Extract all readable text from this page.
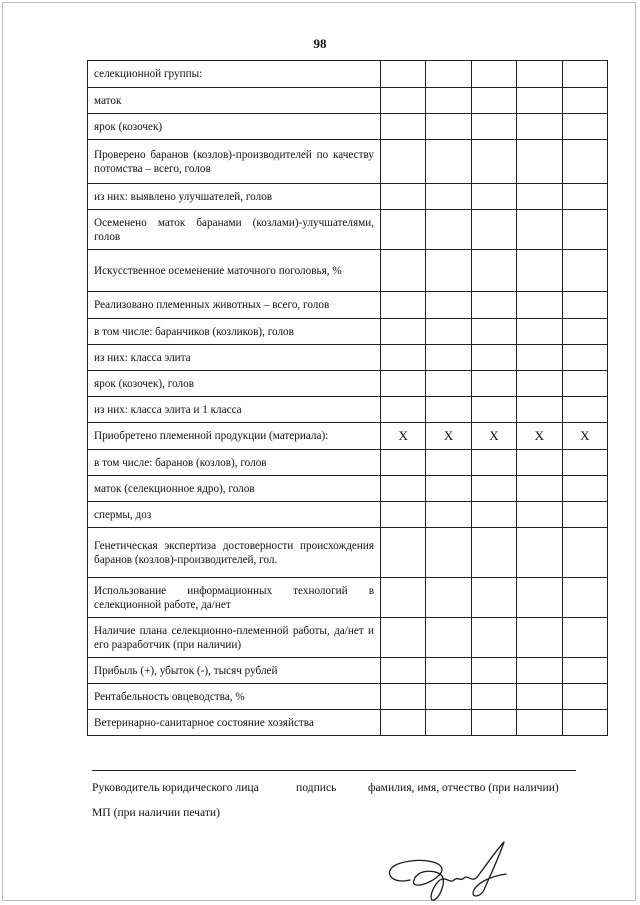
98
селекционной группы:					
маток					
ярок (козочек)					
Проверено баранов (козлов)-производителей по качеству потомства – всего, голов					
из них: выявлено улучшателей, голов					
Осеменено маток баранами (козлами)-улучшателями, голов					
Искусственное осеменение маточного поголовья, %					
Реализовано племенных животных – всего, голов					
в том числе: баранчиков (козликов), голов					
из них: класса элита					
ярок (козочек), голов					
из них: класса элита и 1 класса					
Приобретено племенной продукции (материала):	X	X	X	X	X
в том числе: баранов (козлов), голов					
маток (селекционное ядро), голов					
спермы, доз					
Генетическая экспертиза достоверности происхождения баранов (козлов)-производителей, гол.					
Использование информационных технологий в селекционной работе, да/нет					
Наличие плана селекционно-племенной работы, да/нет и его разработчик (при наличии)					
Прибыль (+), убыток (-), тысяч рублей					
Рентабельность овцеводства, %					
Ветеринарно-санитарное состояние хозяйства					
Руководитель юридического лица	подпись	фамилия, имя, отчество (при наличии)
МП (при наличии печати)
